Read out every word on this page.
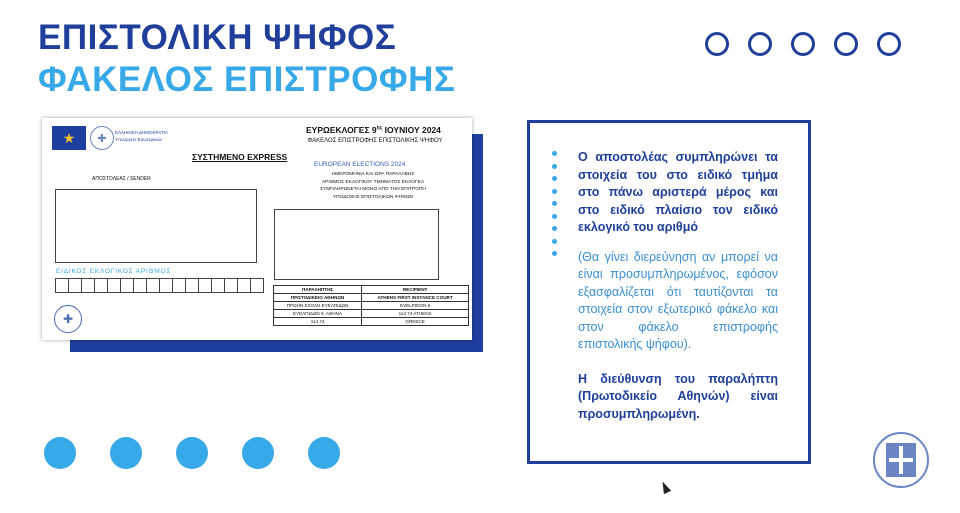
ΕΠΙΣΤΟΛΙΚΗ ΨΗΦΟΣ
ΦΑΚΕΛΟΣ ΕΠΙΣΤΡΟΦΗΣ
★	✚	ΕΛΛΗΝΙΚΗ ΔΗΜΟΚΡΑΤΙΑ
Υπουργείο Εσωτερικών
ΣΥΣΤΗΜΕΝΟ EXPRESS
ΑΠΟΣΤΟΛΕΑΣ / SENDER
ΕΙΔΙΚΟΣ ΕΚΛΟΓΙΚΟΣ ΑΡΙΘΜΟΣ
✚
ΕΥΡΩΕΚΛΟΓΕΣ $9^{\eta\varsigma}$ ΙΟΥΝΙΟΥ 2024
ΦΑΚΕΛΟΣ ΕΠΙΣΤΡΟΦΗΣ ΕΠΙΣΤΟΛΙΚΗΣ ΨΗΦΟΥ
EUROPEAN ELECTIONS 2024
ΗΜΕΡΟΜΗΝΙΑ ΚΑΙ ΩΡΑ ΠΑΡΑΛΑΒΗΣ
ΑΡΙΘΜΟΣ ΕΚΛΟΓΙΚΟΥ ΤΜΗΜΑΤΟΣ ΕΚΛΟΓΕΑ
ΣΥΜΠΛΗΡΩΝΕΤΑΙ ΜΟΝΟ ΑΠΟ ΤΗΝ ΕΠΙΤΡΟΠΗ
ΥΠΟΔΟΧΗΣ ΕΠΙΣΤΟΛΙΚΩΝ ΨΗΦΩΝ
ΠΑΡΑΛΗΠΤΗΣ	RECIPIENT
ΠΡΩΤΟΔΙΚΕΙΟ ΑΘΗΝΩΝ	ATHENS FIRST INSTANCE COURT
ΠΡΩΗΝ ΣΧΟΛΗ ΕΥΕΛΠΙΔΩΝ	EVELPIDON 6
ΕΥΕΛΠΙΔΩΝ 6, ΑΘΗΝΑ	114 74 ATHENS
114 74	GREECE

Ο αποστολέας συμπληρώνει τα στοιχεία του στο ειδικό τμήμα στο πάνω αριστερά μέρος και στο ειδικό πλαίσιο τον ειδικό εκλογικό του αριθμό

(Θα γίνει διερεύνηση αν μπορεί να είναι προσυμπληρωμένος, εφόσον εξασφαλίζεται ότι ταυτίζονται τα στοιχεία στον εξωτερικό φάκελο και στον φάκελο επιστροφής επιστολικής ψήφου).

Η διεύθυνση του παραλήπτη (Πρωτοδικείο Αθηνών) είναι προσυμπληρωμένη.
